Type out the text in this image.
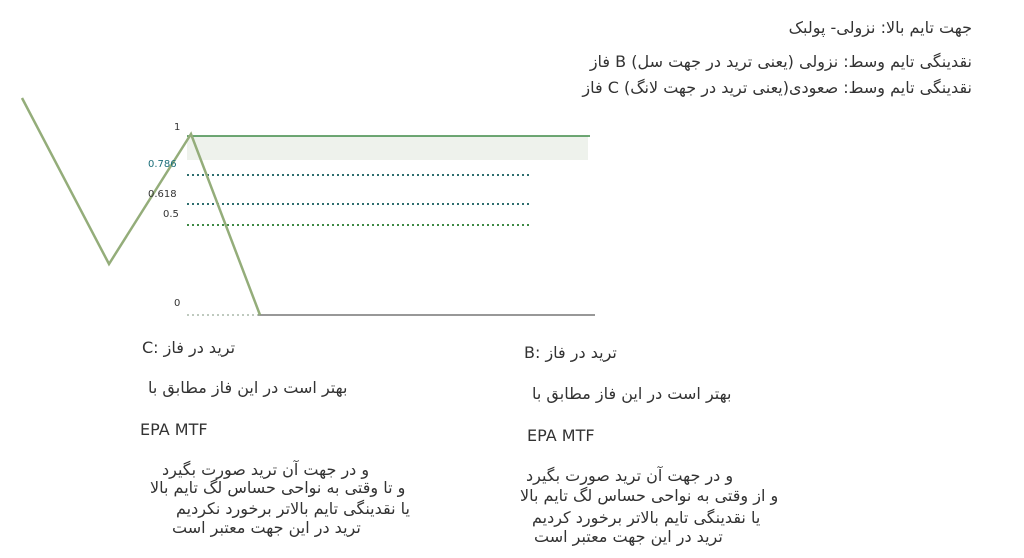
جهت تایم بالا: نزولی- پولبک
نقدینگی تایم وسط: نزولی (یعنی ترید در جهت سل) B فاز
نقدینگی تایم وسط: صعودی(یعنی ترید در جهت لانگ) C فاز
1
0.786
0.618
0.5
0
C: ترید در فاز
بهتر است در این فاز مطابق با
EPA MTF
و در جهت آن ترید صورت بگیرد
و تا وقتی به نواحی حساس لگ تایم بالا
یا نقدینگی تایم بالاتر برخورد نکردیم
ترید در این جهت معتبر است
B: ترید در فاز
بهتر است در این فاز مطابق با
EPA MTF
و در جهت آن ترید صورت بگیرد
و از وقتی به نواحی حساس لگ تایم بالا
یا نقدینگی تایم بالاتر برخورد کردیم
ترید در این جهت معتبر است
